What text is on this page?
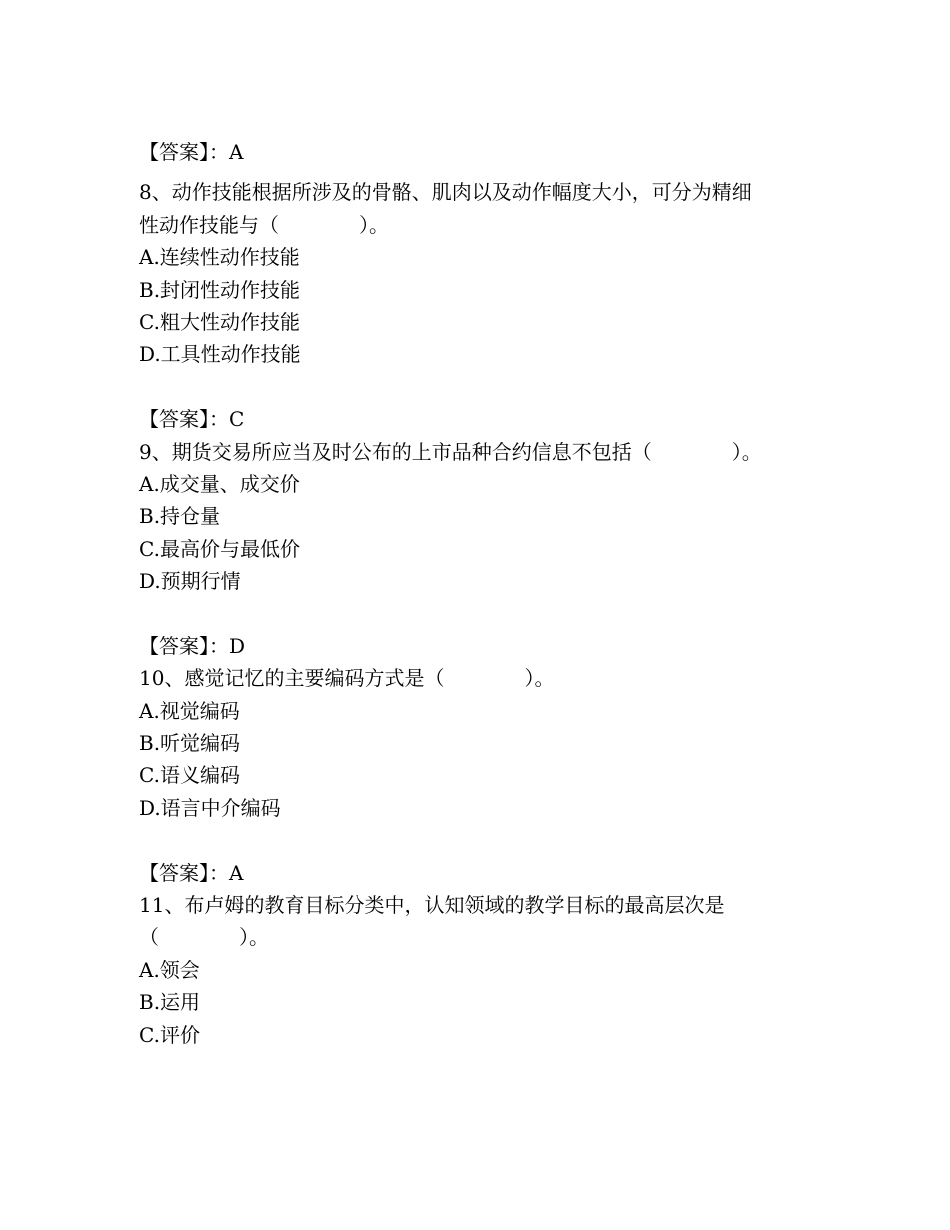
【答案】：A
8、动作技能根据所涉及的骨骼、肌肉以及动作幅度大小，可分为精细
性动作技能与（　　　　）。
A.连续性动作技能
B.封闭性动作技能
C.粗大性动作技能
D.工具性动作技能
【答案】：C
9、期货交易所应当及时公布的上市品种合约信息不包括（　　　　）。
A.成交量、成交价
B.持仓量
C.最高价与最低价
D.预期行情
【答案】：D
10、感觉记忆的主要编码方式是（　　　　）。
A.视觉编码
B.听觉编码
C.语义编码
D.语言中介编码
【答案】：A
11、布卢姆的教育目标分类中，认知领域的教学目标的最高层次是
（　　　　）。
A.领会
B.运用
C.评价
